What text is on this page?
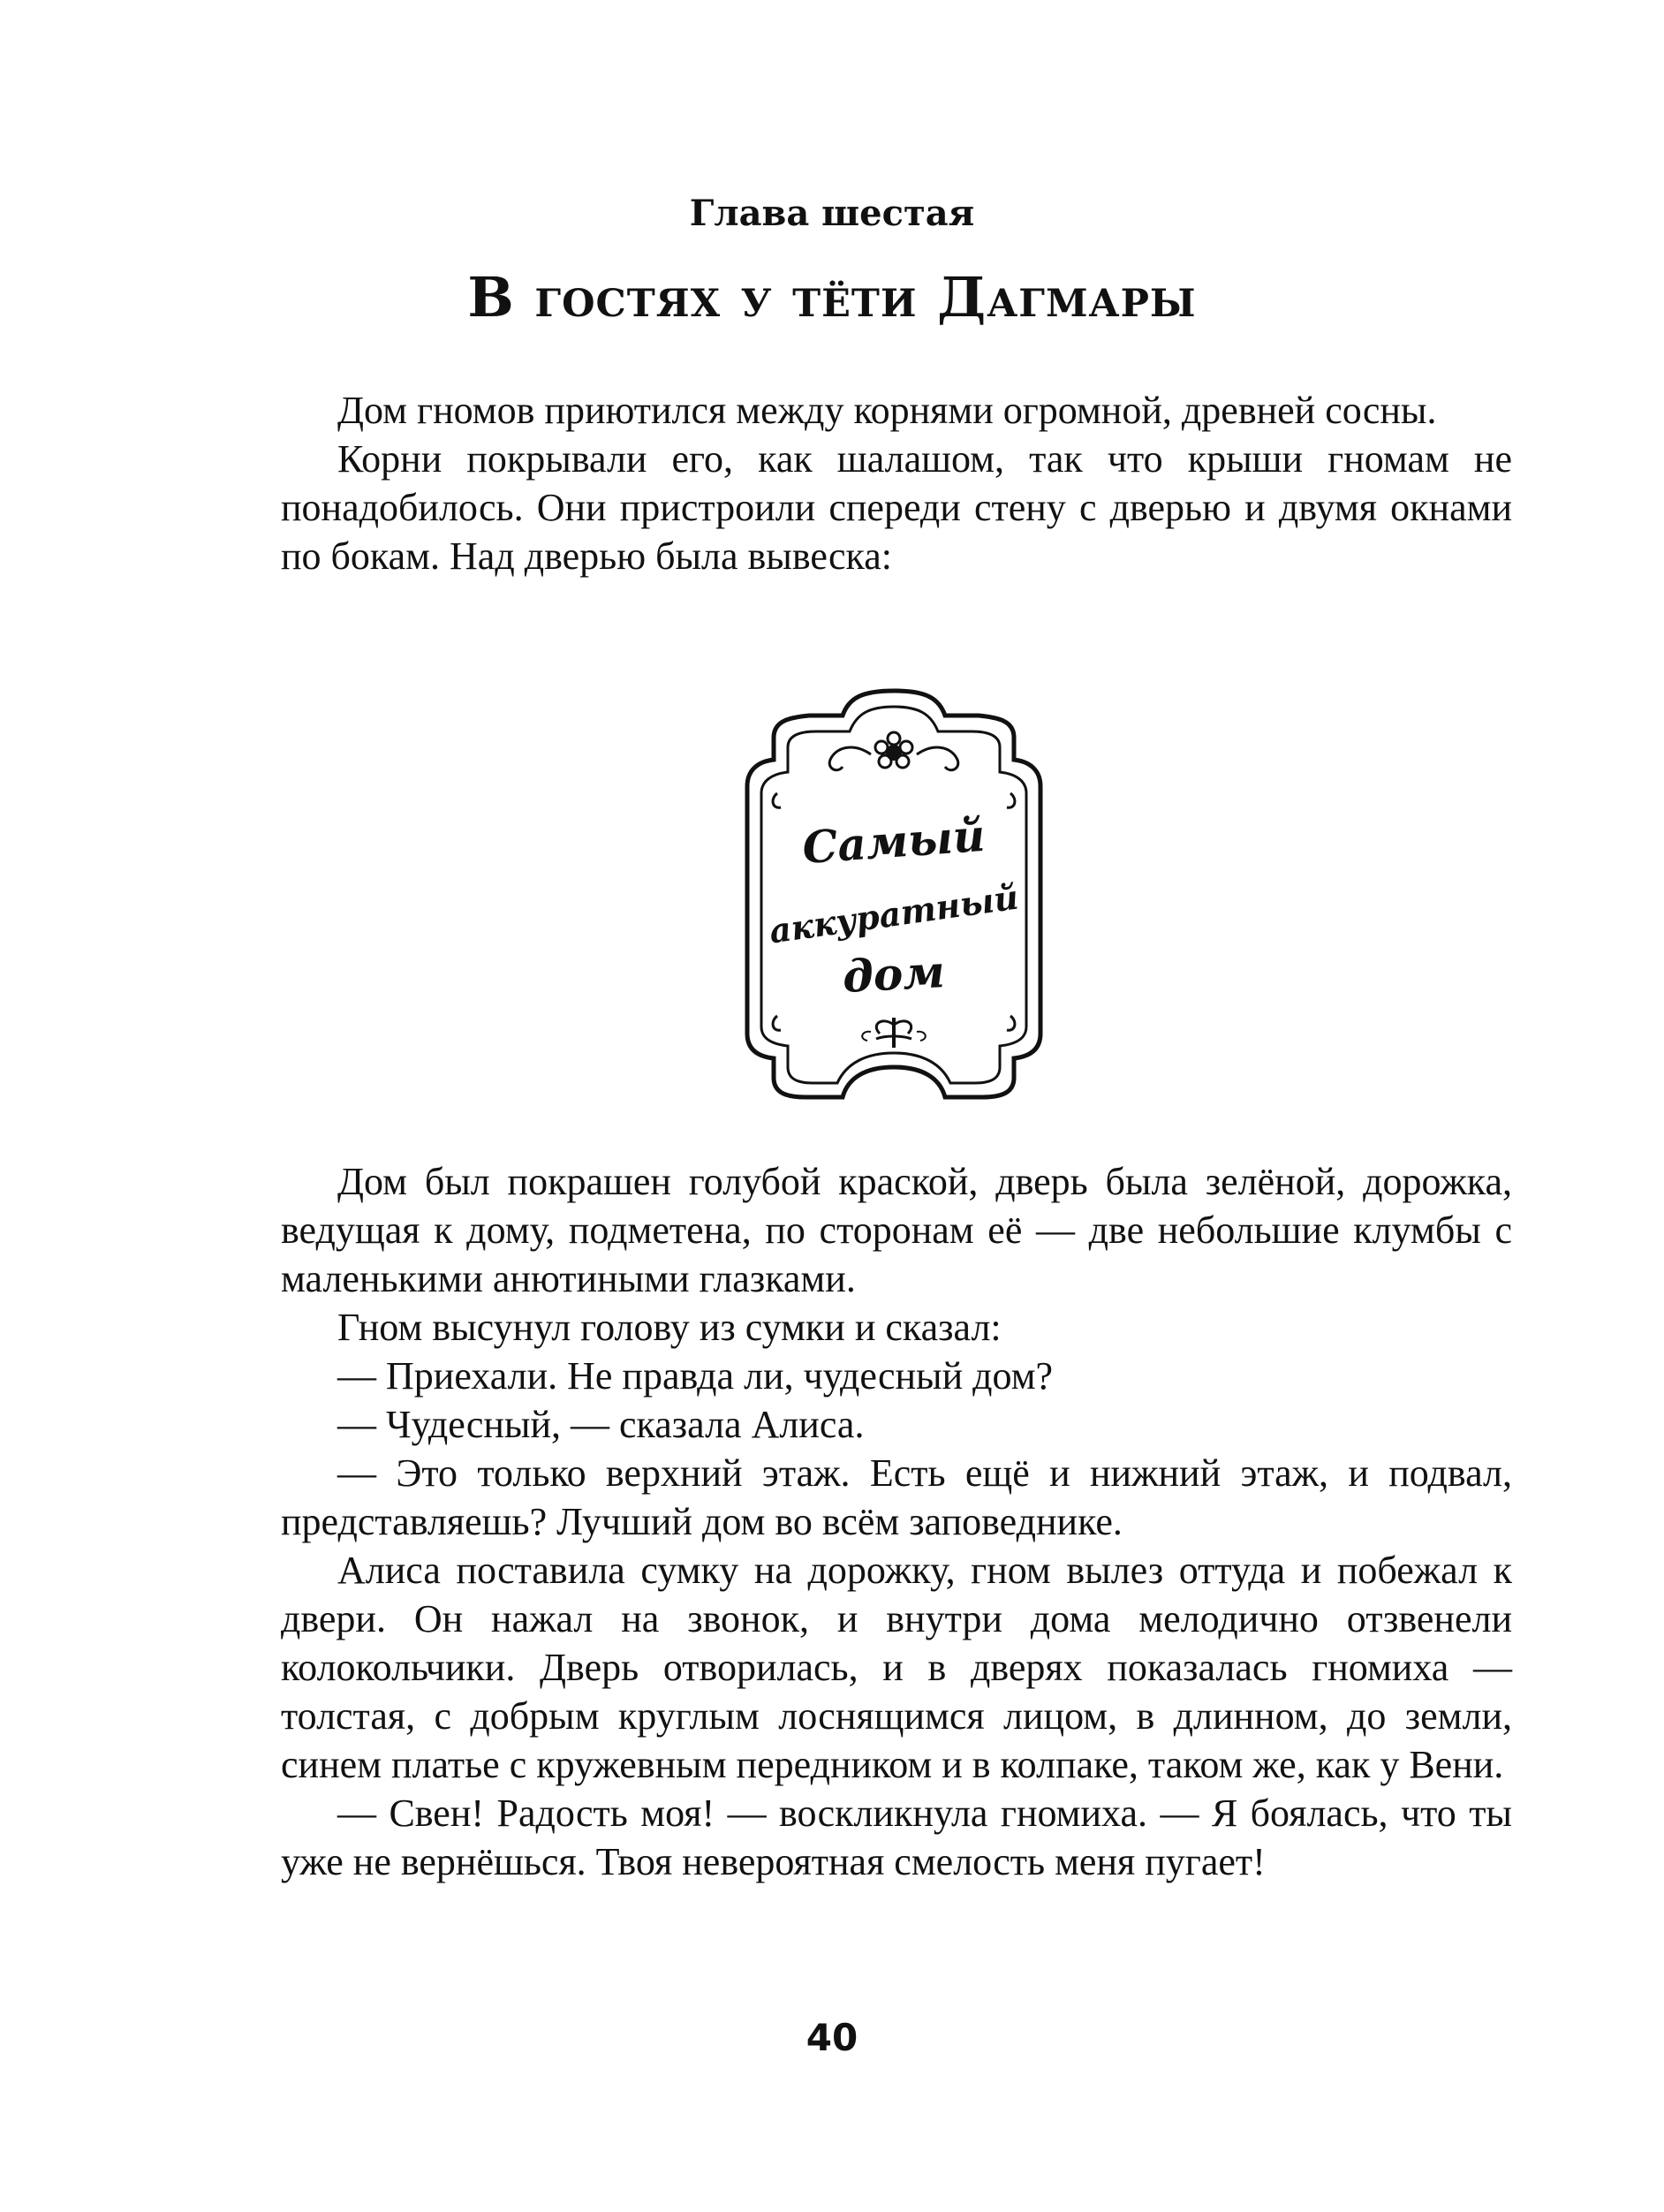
Глава шестая
В гостях у тёти Дагмары

Дом гномов приютился между корнями огромной, древней сосны.

Корни покрывали его, как шалашом, так что крыши гномам не понадобилось. Они пристроили спереди стену с дверью и двумя окнами по бокам. Над дверью была вывеска:

Самый
аккуратный
дом

Дом был покрашен голубой краской, дверь была зелёной, дорожка, ведущая к дому, подметена, по сторонам её — две небольшие клумбы с маленькими анютиными глазками.

Гном высунул голову из сумки и сказал:

— Приехали. Не правда ли, чудесный дом?

— Чудесный, — сказала Алиса.

— Это только верхний этаж. Есть ещё и нижний этаж, и подвал, представляешь? Лучший дом во всём заповеднике.

Алиса поставила сумку на дорожку, гном вылез оттуда и побежал к двери. Он нажал на звонок, и внутри дома мелодично отзвенели колокольчики. Дверь отворилась, и в дверях показалась гномиха — толстая, с добрым круглым лоснящимся лицом, в длинном, до земли, синем платье с кружевным передником и в колпаке, таком же, как у Вени.

— Свен! Радость моя! — воскликнула гномиха. — Я боялась, что ты уже не вернёшься. Твоя невероятная смелость меня пугает!

40
